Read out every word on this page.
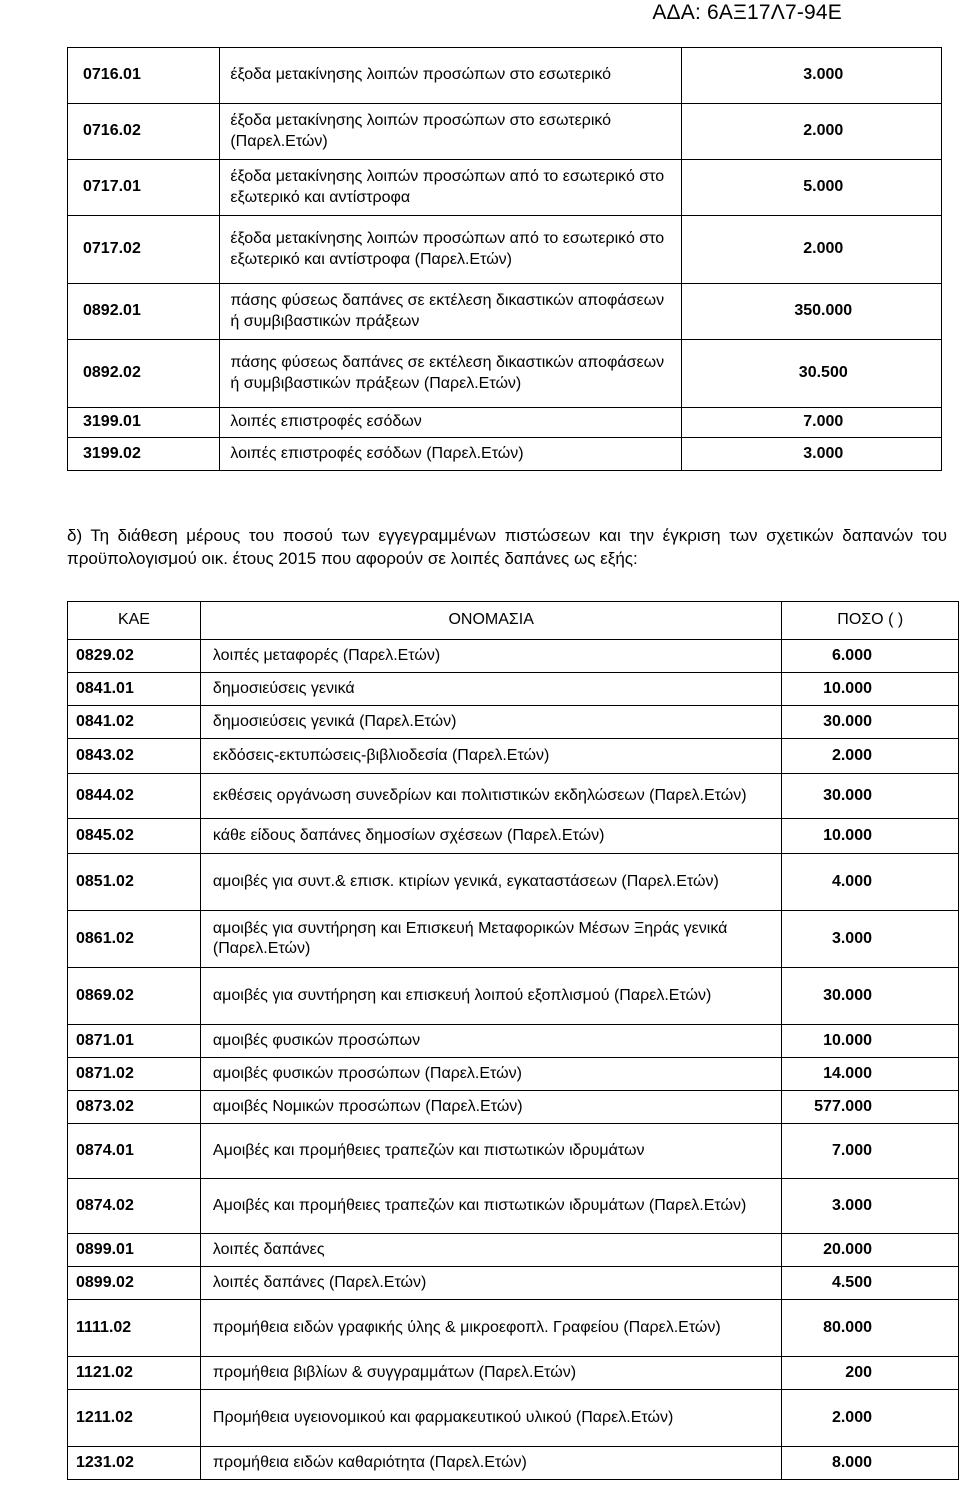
ΑΔΑ: 6ΑΞ17Λ7-94Ε
0716.01	έξοδα μετακίνησης λοιπών προσώπων στο εσωτερικό	3.000
0716.02	έξοδα μετακίνησης λοιπών προσώπων στο εσωτερικό (Παρελ.Ετών)	2.000
0717.01	έξοδα μετακίνησης λοιπών προσώπων από το εσωτερικό στο εξωτερικό και αντίστροφα	5.000
0717.02	έξοδα μετακίνησης λοιπών προσώπων από το εσωτερικό στο εξωτερικό και αντίστροφα (Παρελ.Ετών)	2.000
0892.01	πάσης φύσεως δαπάνες σε εκτέλεση δικαστικών αποφάσεων ή συμβιβαστικών πράξεων	350.000
0892.02	πάσης φύσεως δαπάνες σε εκτέλεση δικαστικών αποφάσεων ή συμβιβαστικών πράξεων (Παρελ.Ετών)	30.500
3199.01	λοιπές επιστροφές εσόδων	7.000
3199.02	λοιπές επιστροφές εσόδων (Παρελ.Ετών)	3.000
δ) Τη διάθεση μέρους του ποσού των εγγεγραμμένων πιστώσεων και την έγκριση των σχετικών δαπανών του προϋπολογισμού οικ. έτους 2015 που αφορούν σε λοιπές δαπάνες ως εξής:
ΚΑΕ	ΟΝΟΜΑΣΙΑ	ΠΟΣΟ ( )
0829.02	λοιπές μεταφορές (Παρελ.Ετών)	6.000
0841.01	δημοσιεύσεις γενικά	10.000
0841.02	δημοσιεύσεις γενικά (Παρελ.Ετών)	30.000
0843.02	εκδόσεις-εκτυπώσεις-βιβλιοδεσία (Παρελ.Ετών)	2.000
0844.02	εκθέσεις οργάνωση συνεδρίων και πολιτιστικών εκδηλώσεων (Παρελ.Ετών)	30.000
0845.02	κάθε είδους δαπάνες δημοσίων σχέσεων (Παρελ.Ετών)	10.000
0851.02	αμοιβές για συντ.& επισκ. κτιρίων γενικά, εγκαταστάσεων (Παρελ.Ετών)	4.000
0861.02	αμοιβές για συντήρηση και Επισκευή Μεταφορικών Μέσων Ξηράς γενικά (Παρελ.Ετών)	3.000
0869.02	αμοιβές για συντήρηση και επισκευή λοιπού εξοπλισμού (Παρελ.Ετών)	30.000
0871.01	αμοιβές φυσικών προσώπων	10.000
0871.02	αμοιβές φυσικών προσώπων (Παρελ.Ετών)	14.000
0873.02	αμοιβές Νομικών προσώπων (Παρελ.Ετών)	577.000
0874.01	Αμοιβές και προμήθειες τραπεζών και πιστωτικών ιδρυμάτων	7.000
0874.02	Αμοιβές και προμήθειες τραπεζών και πιστωτικών ιδρυμάτων (Παρελ.Ετών)	3.000
0899.01	λοιπές δαπάνες	20.000
0899.02	λοιπές δαπάνες (Παρελ.Ετών)	4.500
1111.02	προμήθεια ειδών γραφικής ύλης & μικροεφοπλ. Γραφείου (Παρελ.Ετών)	80.000
1121.02	προμήθεια βιβλίων & συγγραμμάτων (Παρελ.Ετών)	200
1211.02	Προμήθεια υγειονομικού και φαρμακευτικού υλικού (Παρελ.Ετών)	2.000
1231.02	προμήθεια ειδών καθαριότητα (Παρελ.Ετών)	8.000
